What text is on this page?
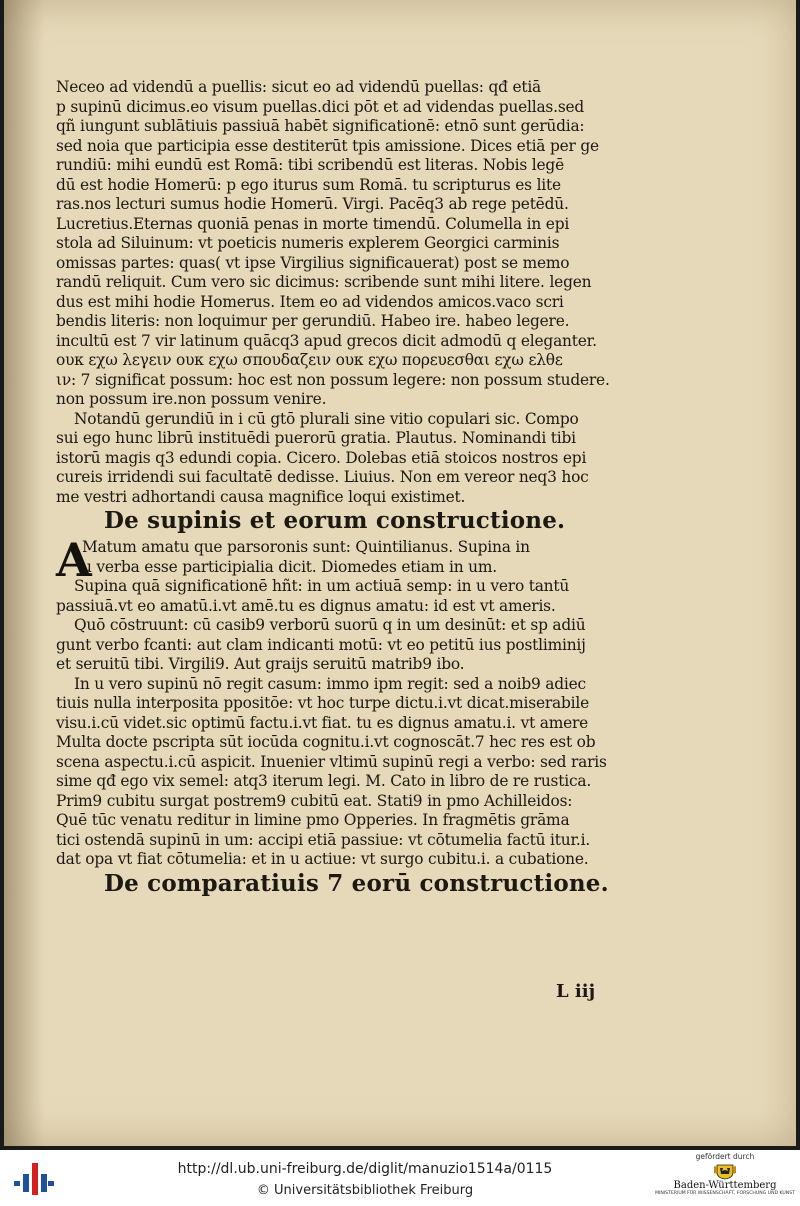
Neceo ad videndū a puellis: sicut eo ad videndū puellas: qđ etiā
p supinū dicimus.eo visum puellas.dici pōt et ad videndas puellas.sed
qñ iungunt sublātiuis passiuā habēt significationē: etnō sunt gerūdia:
sed noia que participia esse destiterūt tpis amissione. Dices etiā per ge
rundiū: mihi eundū est Romā: tibi scribendū est literas. Nobis legē
dū est hodie Homerū: p ego iturus sum Romā. tu scripturus es lite
ras.nos lecturi sumus hodie Homerū. Virgi. Pacēq3 ab rege petēdū.
Lucretius.Eternas quoniā penas in morte timendū. Columella in epi
stola ad Siluinum: vt poeticis numeris explerem Georgici carminis
omissas partes: quas( vt ipse Virgilius significauerat) post se memo
randū reliquit. Cum vero sic dicimus: scribende sunt mihi litere. legen
dus est mihi hodie Homerus. Item eo ad videndos amicos.vaco scri
bendis literis: non loquimur per gerundiū. Habeo ire. habeo legere.
incultū est 7 vir latinum quācq3 apud grecos dicit admodū q eleganter.
ουκ εχω λεγειν ουκ εχω σπουδαζειν ουκ εχω πορευεσθαι εχω ελθε
ιν: 7 significat possum: hoc est non possum legere: non possum studere.
non possum ire.non possum venire.
Notandū gerundiū in i cū gtō plurali sine vitio copulari sic. Compo
sui ego hunc librū instituēdi puerorū gratia. Plautus. Nominandi tibi
istorū magis q3 edundi copia. Cicero. Dolebas etiā stoicos nostros epi
cureis irridendi sui facultatē dedisse. Liuius. Non em vereor neq3 hoc
me vestri adhortandi causa magnifice loqui existimet.
De supinis et eorum constructione.
A
Matum amatu que parsoronis sunt: Quintilianus. Supina in
u verba esse participialia dicit. Diomedes etiam in um.
Supina quā significationē hñt: in um actiuā semp: in u vero tantū
passiuā.vt eo amatū.i.vt amē.tu es dignus amatu: id est vt ameris.
Quō cōstruunt: cū casib9 verborū suorū q in um desinūt: et sp adiū
gunt verbo fcanti: aut clam indicanti motū: vt eo petitū ius postliminij
et seruitū tibi. Virgili9. Aut graijs seruitū matrib9 ibo.
In u vero supinū nō regit casum: immo ipm regit: sed a noib9 adiec
tiuis nulla interposita ppositōe: vt hoc turpe dictu.i.vt dicat.miserabile
visu.i.cū videt.sic optimū factu.i.vt fiat. tu es dignus amatu.i. vt amere
Multa docte pscripta sūt iocūda cognitu.i.vt cognoscāt.7 hec res est ob
scena aspectu.i.cū aspicit. Inuenier vltimū supinū regi a verbo: sed raris
sime qđ ego vix semel: atq3 iterum legi. M. Cato in libro de re rustica.
Prim9 cubitu surgat postrem9 cubitū eat. Stati9 in pmo Achilleidos:
Quē tūc venatu reditur in limine pmo Opperies. In fragmētis grāma
tici ostendā supinū in um: accipi etiā passiue: vt cōtumelia factū itur.i.
dat opa vt fiat cōtumelia: et in u actiue: vt surgo cubitu.i. a cubatione.
De comparatiuis 7 eorū constructione.
L iij
http://dl.ub.uni-freiburg.de/diglit/manuzio1514a/0115
© Universitätsbibliothek Freiburg
gefördert durch
Baden-Württemberg
MINISTERIUM FÜR WISSENSCHAFT, FORSCHUNG UND KUNST
